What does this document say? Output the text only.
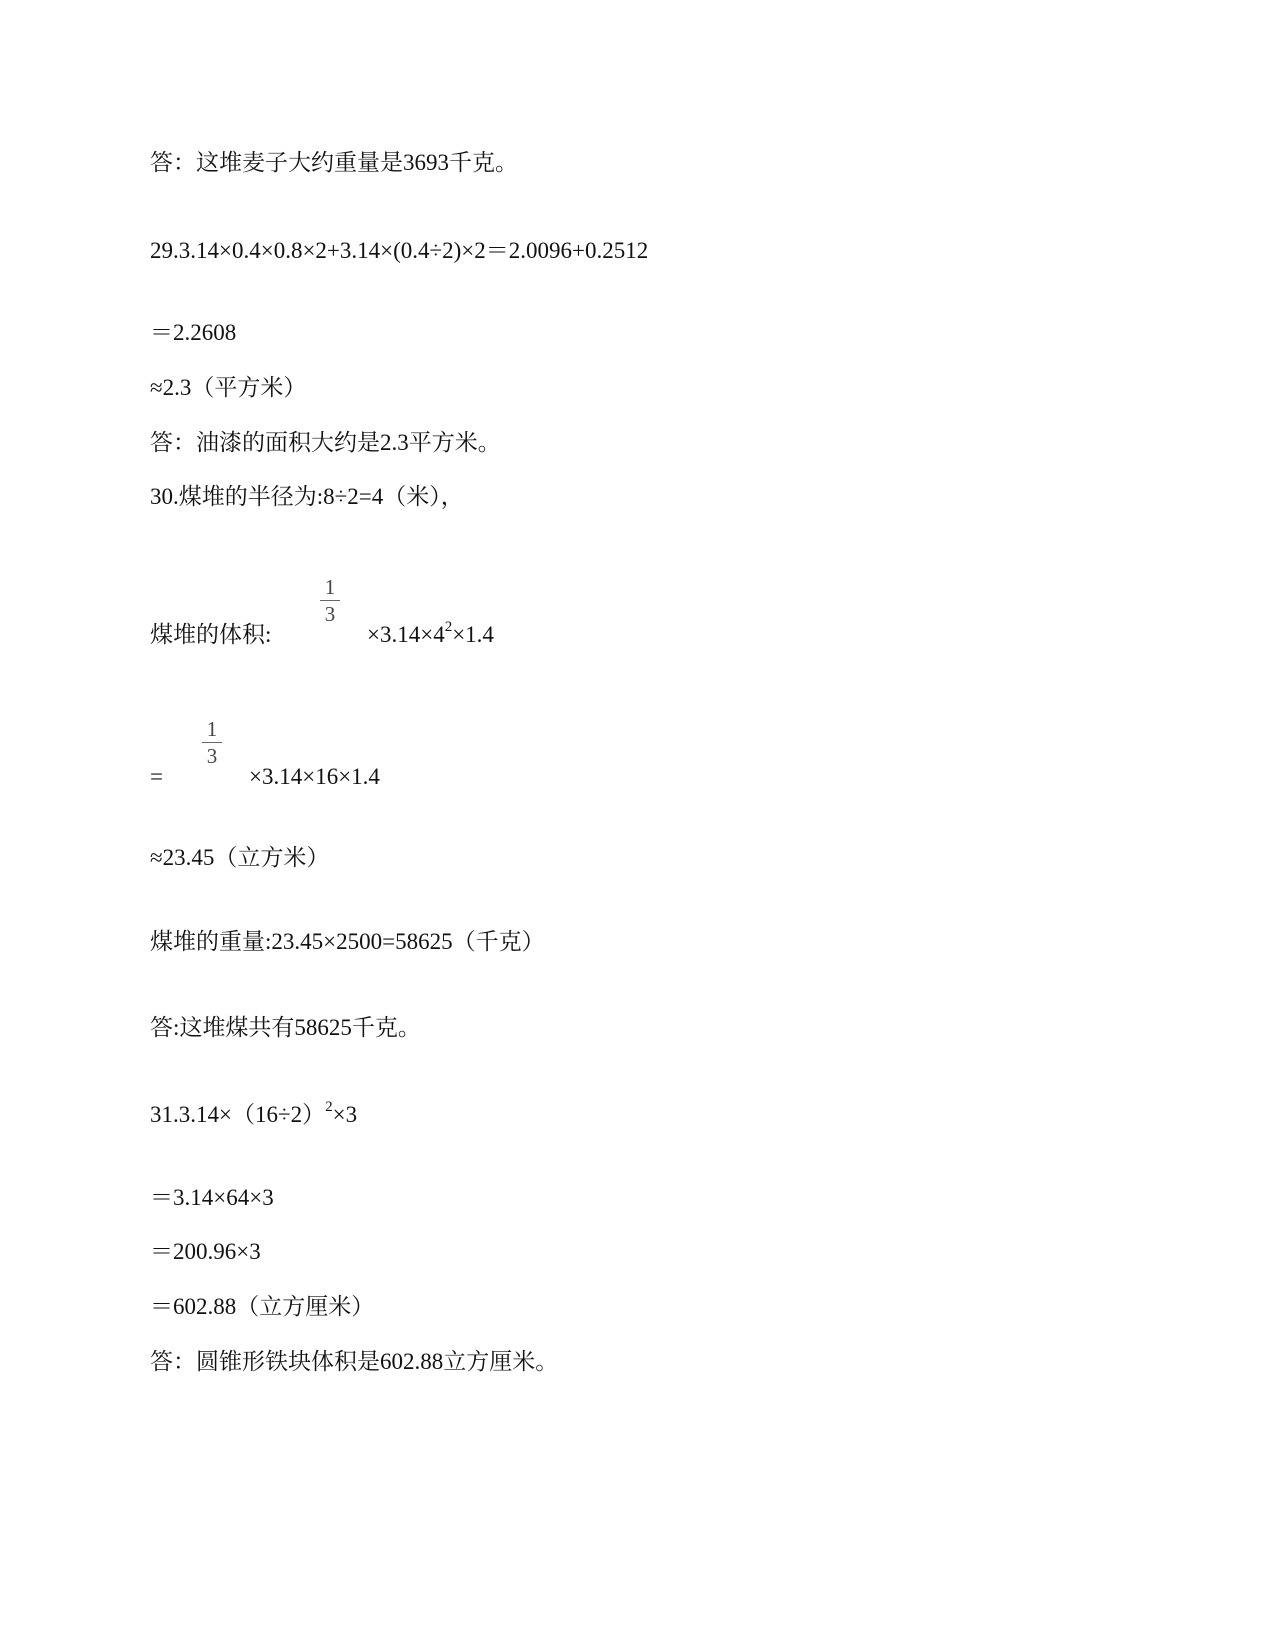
答：这堆麦子大约重量是3693千克。
29.3.14×0.4×0.8×2+3.14×(0.4÷2)×2＝2.0096+0.2512
＝2.2608
≈2.3（平方米）
答：油漆的面积大约是2.3平方米。
30.煤堆的半径为:8÷2=4（米），
煤堆的体积:
1
3
$\times 3.14\times 4^2\times 1.4$
=
1
3
×3.14×16×1.4
≈23.45（立方米）
煤堆的重量:23.45×2500=58625（千克）
答:这堆煤共有58625千克。
$31.3.14\times(16\div 2)^2\times 3$
＝3.14×64×3
＝200.96×3
＝602.88（立方厘米）
答：圆锥形铁块体积是602.88立方厘米。
